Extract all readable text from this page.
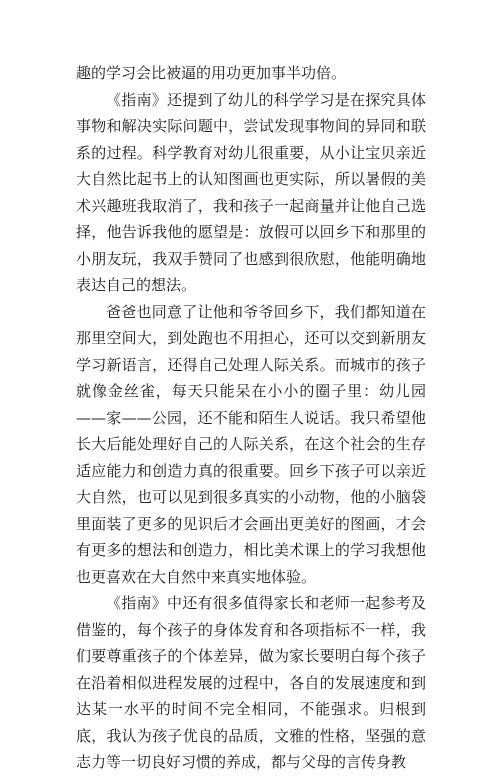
趣的学习会比被逼的用功更加事半功倍。

《指南》还提到了幼儿的科学学习是在探究具体事物和解决实际问题中，尝试发现事物间的异同和联系的过程。科学教育对幼儿很重要，从小让宝贝亲近大自然比起书上的认知图画也更实际，所以暑假的美术兴趣班我取消了，我和孩子一起商量并让他自己选择，他告诉我他的愿望是：放假可以回乡下和那里的小朋友玩，我双手赞同了也感到很欣慰，他能明确地表达自己的想法。

爸爸也同意了让他和爷爷回乡下，我们都知道在那里空间大，到处跑也不用担心，还可以交到新朋友学习新语言，还得自己处理人际关系。而城市的孩子就像金丝雀，每天只能呆在小小的圈子里：幼儿园——家——公园，还不能和陌生人说话。我只希望他长大后能处理好自己的人际关系，在这个社会的生存适应能力和创造力真的很重要。回乡下孩子可以亲近大自然，也可以见到很多真实的小动物，他的小脑袋里面装了更多的见识后才会画出更美好的图画，才会有更多的想法和创造力，相比美术课上的学习我想他也更喜欢在大自然中来真实地体验。

《指南》中还有很多值得家长和老师一起参考及借鉴的，每个孩子的身体发育和各项指标不一样，我们要尊重孩子的个体差异，做为家长要明白每个孩子在沿着相似进程发展的过程中，各自的发展速度和到达某一水平的时间不完全相同，不能强求。归根到底，我认为孩子优良的品质，文雅的性格，坚强的意志力等一切良好习惯的养成，都与父母的言传身教
